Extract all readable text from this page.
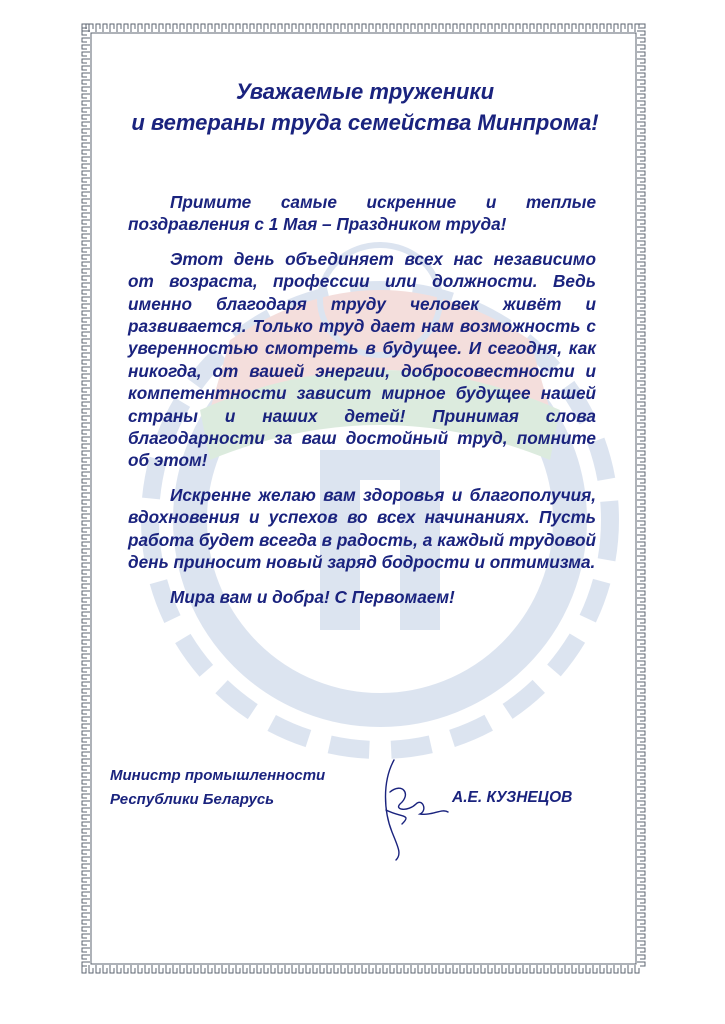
Уважаемые труженики
и ветераны труда семейства Минпрома!

Примите самые искренние и теплые поздравления с 1 Мая – Праздником труда!

Этот день объединяет всех нас независимо от возраста, профессии или должности. Ведь именно благодаря труду человек живёт и развивается. Только труд дает нам возможность с уверенностью смотреть в будущее. И сегодня, как никогда, от вашей энергии, добросовестности и компетентности зависит мирное будущее нашей страны и наших детей! Принимая слова благодарности за ваш достойный труд, помните об этом!

Искренне желаю вам здоровья и благополучия, вдохновения и успехов во всех начинаниях. Пусть работа будет всегда в радость, а каждый трудовой день приносит новый заряд бодрости и оптимизма.

Мира вам и добра! С Первомаем!

Министр промышленности
Республики Беларусь	А.Е. КУЗНЕЦОВ
